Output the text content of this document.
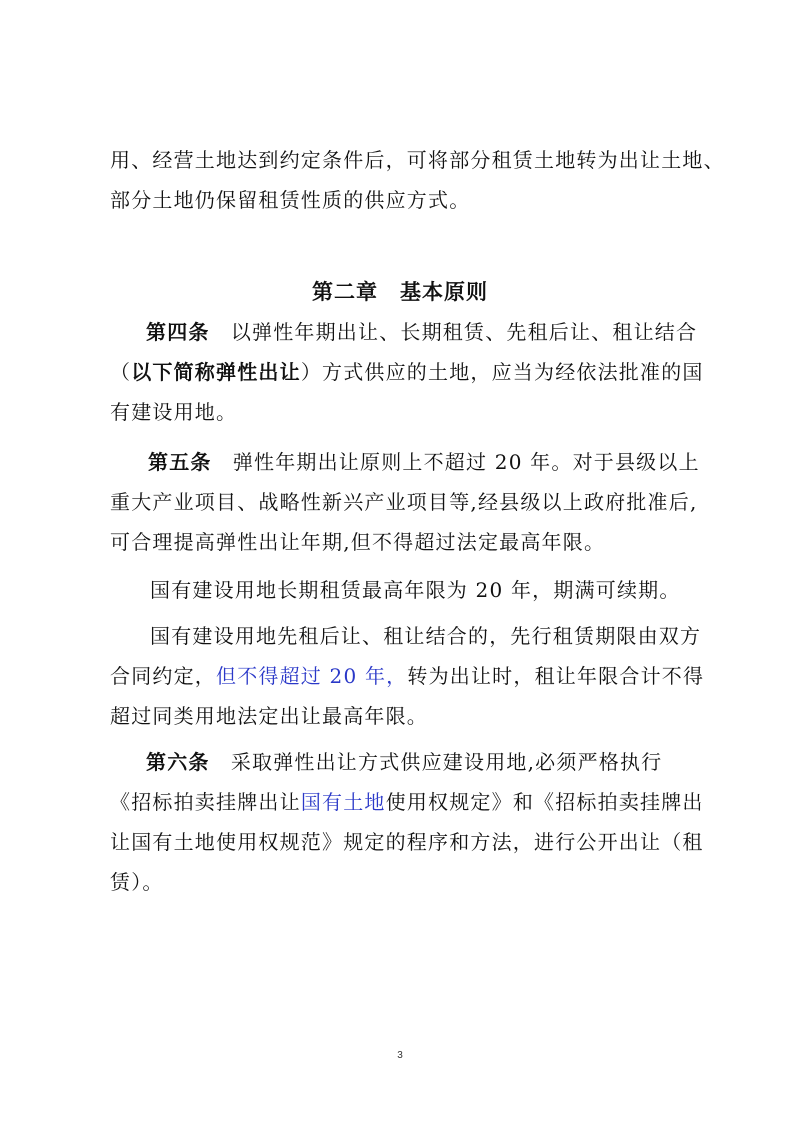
用、经营土地达到约定条件后，可将部分租赁土地转为出让土地、
部分土地仍保留租赁性质的供应方式。
第二章　基本原则
第四条　 以弹性年期出让、长期租赁、先租后让、租让结合
（以下简称弹性出让）方式供应的土地，应当为经依法批准的国
有建设用地。
第五条　 弹性年期出让原则上不超过 20 年。对于县级以上
重大产业项目、战略性新兴产业项目等,经县级以上政府批准后,
可合理提高弹性出让年期,但不得超过法定最高年限。
国有建设用地长期租赁最高年限为 20 年，期满可续期。
国有建设用地先租后让、租让结合的，先行租赁期限由双方
合同约定，但不得超过 20 年，转为出让时，租让年限合计不得
超过同类用地法定出让最高年限。
第六条　 采取弹性出让方式供应建设用地,必须严格执行
《招标拍卖挂牌出让国有土地使用权规定》和《招标拍卖挂牌出
让国有土地使用权规范》规定的程序和方法，进行公开出让（租
赁）。
3
